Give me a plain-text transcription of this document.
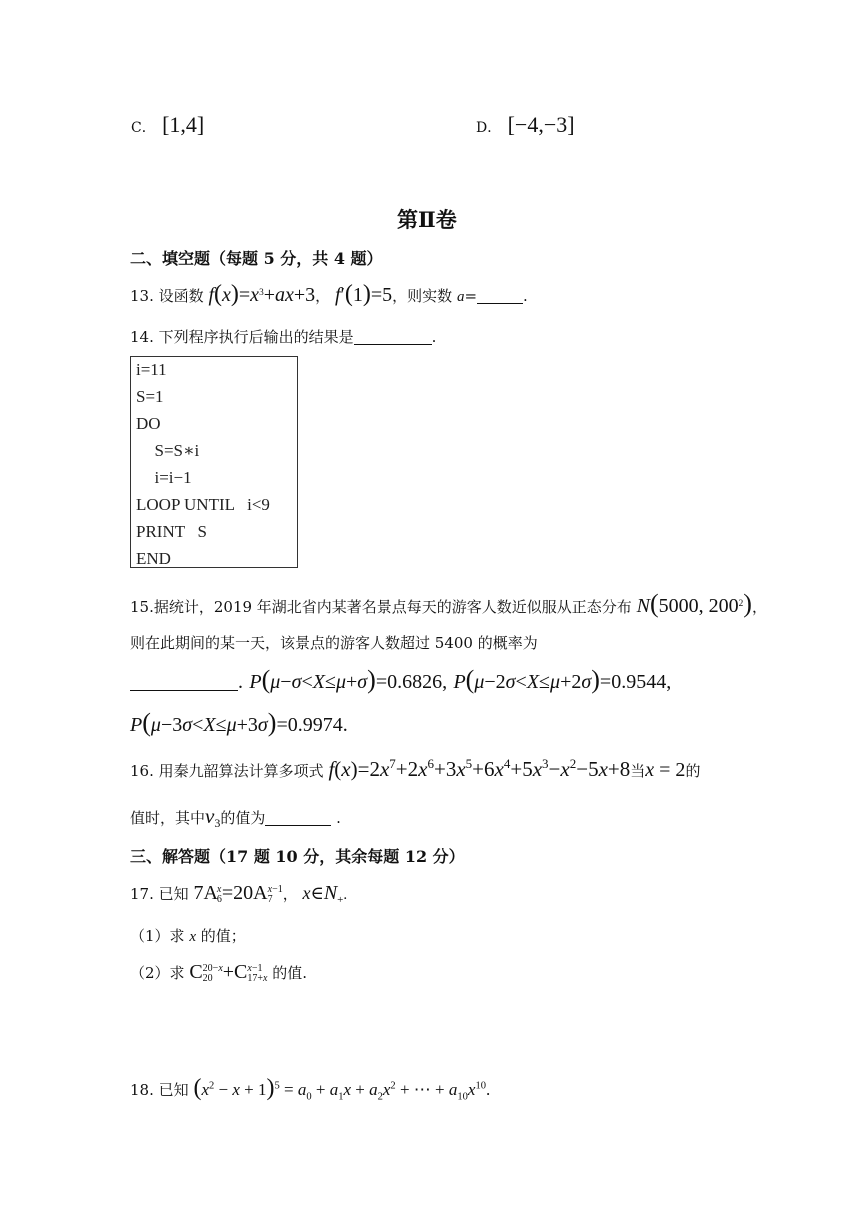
C． [1,4]	D． [−4,−3]
第Ⅱ卷
二、填空题（每题 5 分，共 4 题）
13. 设函数 $f(x)=x^3+ax+3$， f′(1)=5，则实数 a=	.
14. 下列程序执行后输出的结果是	.
i=11
S=1
DO
S=S∗i
i=i−1
LOOP UNTIL   i<9
PRINT   S
END
15.据统计，2019 年湖北省内某著名景点每天的游客人数近似服从正态分布 N(5000, $200^2$)，
则在此期间的某一天，该景点的游客人数超过 5400 的概率为
. P(μ−σ<X≤μ+σ)=0.6826, P(μ−2σ<X≤μ+2σ)=0.9544,
P(μ−3σ<X≤μ+3σ)=0.9974.
16. 用秦九韶算法计算多项式 $f(x)=2x^7+2x^6+3x^5+6x^4+5x^3-x^2-5x+8$当x = 2的
值时，其中$v_3$的值为	.
三、解答题（17 题 10 分，其余每题 12 分）
17. 已知 7A x
6 =20A x−1
7 ， $x\in N_+$.
（1）求 x 的值；
（2）求 C 20−x
20 +C x−1
17+x 的值.
18. 已知 $(x^2 - x + 1)^5 = a_0 + a_1x + a_2x^2$ + ⋯ + $a_{10}x^{10}$.
